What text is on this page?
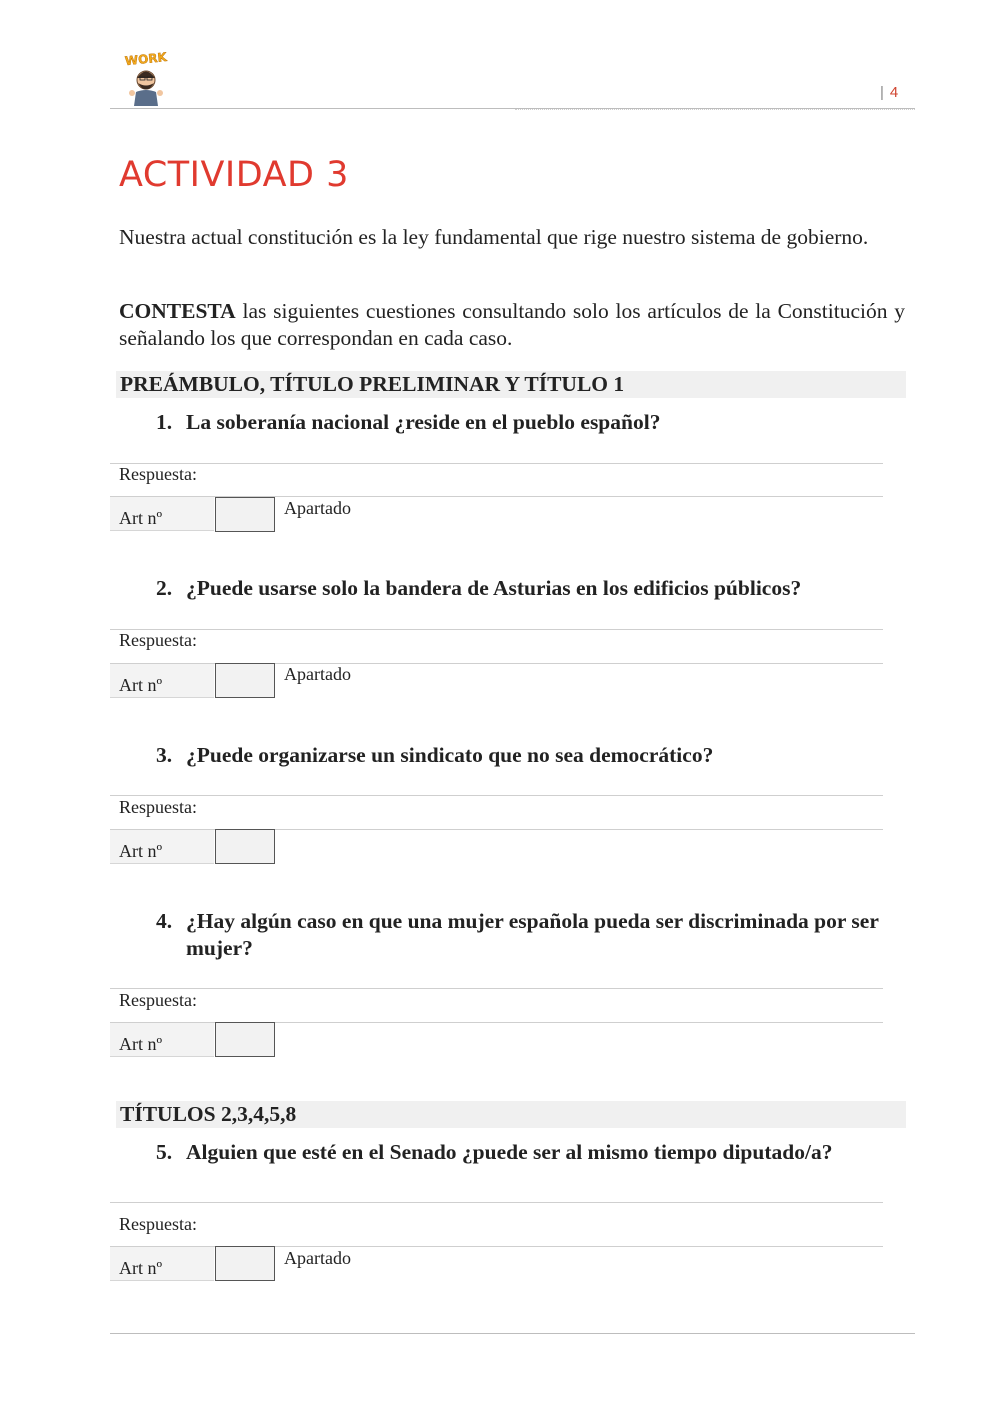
WORK
| 4
ACTIVIDAD 3
Nuestra actual constitución es la ley fundamental que rige nuestro sistema de gobierno.
CONTESTA las siguientes cuestiones consultando solo los artículos de la Constitución y señalando los que correspondan en cada caso.
PREÁMBULO, TÍTULO PRELIMINAR Y TÍTULO 1
1. La soberanía nacional ¿reside en el pueblo español?
Respuesta:
Art nº	Apartado
2. ¿Puede usarse solo la bandera de Asturias en los edificios públicos?
Respuesta:
Art nº
Apartado
3. ¿Puede organizarse un sindicato que no sea democrático?
Respuesta:
Art nº
4. ¿Hay algún caso en que una mujer española pueda ser discriminada por ser mujer?
Respuesta:
Art nº
TÍTULOS 2,3,4,5,8
5. Alguien que esté en el Senado ¿puede ser al mismo tiempo diputado/a?
Respuesta:
Art nº	Apartado
